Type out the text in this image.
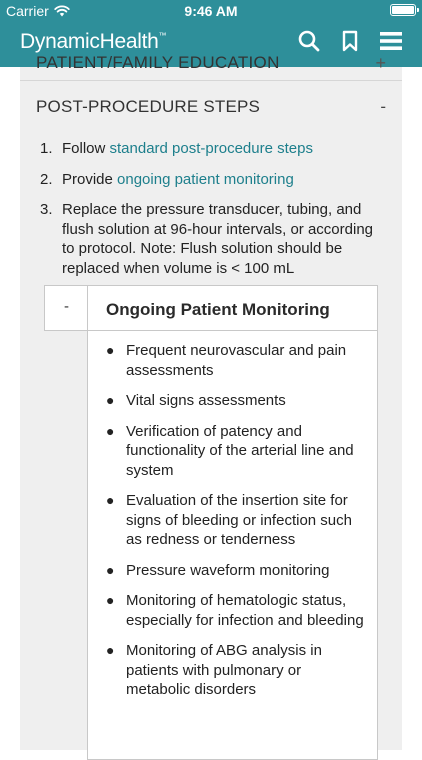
Carrier	9:46 AM
DynamicHealth™
PATIENT/FAMILY EDUCATION	+
POST-PROCEDURE STEPS	-
1. Follow standard post-procedure steps
2. Provide ongoing patient monitoring
3. Replace the pressure transducer, tubing, and flush solution at 96-hour intervals, or according to protocol. Note: Flush solution should be replaced when volume is < 100 mL
-	Ongoing Patient Monitoring
● Frequent neurovascular and pain assessments
● Vital signs assessments
● Verification of patency and functionality of the arterial line and system
● Evaluation of the insertion site for signs of bleeding or infection such as redness or tenderness
● Pressure waveform monitoring
● Monitoring of hematologic status, especially for infection and bleeding
● Monitoring of ABG analysis in patients with pulmonary or metabolic disorders
